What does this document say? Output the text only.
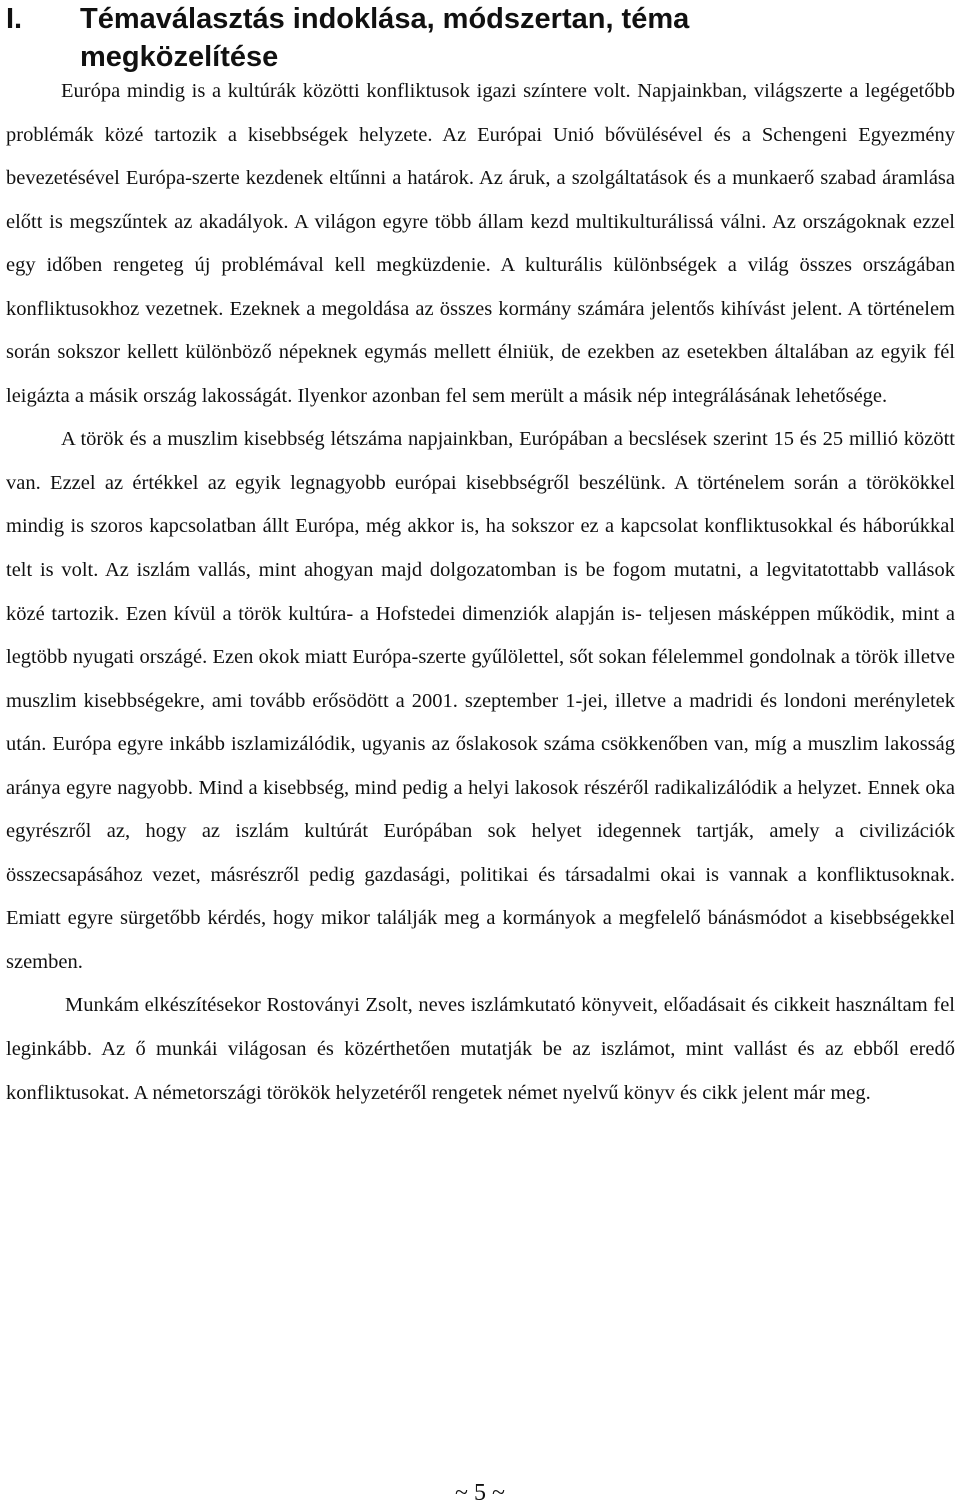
I. Témaválasztás indoklása, módszertan, téma
megközelítése

Európa mindig is a kultúrák közötti konfliktusok igazi színtere volt. Napjainkban, világszerte a legégetőbb problémák közé tartozik a kisebbségek helyzete. Az Európai Unió bővülésével és a Schengeni Egyezmény bevezetésével Európa-szerte kezdenek eltűnni a határok. Az áruk, a szolgáltatások és a munkaerő szabad áramlása előtt is megszűntek az akadályok. A világon egyre több állam kezd multikulturálissá válni. Az országoknak ezzel egy időben rengeteg új problémával kell megküzdenie. A kulturális különbségek a világ összes országában konfliktusokhoz vezetnek. Ezeknek a megoldása az összes kormány számára jelentős kihívást jelent. A történelem során sokszor kellett különböző népeknek egymás mellett élniük, de ezekben az esetekben általában az egyik fél leigázta a másik ország lakosságát. Ilyenkor azonban fel sem merült a másik nép integrálásának lehetősége.

A török és a muszlim kisebbség létszáma napjainkban, Európában a becslések szerint 15 és 25 millió között van. Ezzel az értékkel az egyik legnagyobb európai kisebbségről beszélünk. A történelem során a törökökkel mindig is szoros kapcsolatban állt Európa, még akkor is, ha sokszor ez a kapcsolat konfliktusokkal és háborúkkal telt is volt. Az iszlám vallás, mint ahogyan majd dolgozatomban is be fogom mutatni, a legvitatottabb vallások közé tartozik. Ezen kívül a török kultúra- a Hofstedei dimenziók alapján is- teljesen másképpen működik, mint a legtöbb nyugati országé. Ezen okok miatt Európa-szerte gyűlölettel, sőt sokan félelemmel gondolnak a török illetve muszlim kisebbségekre, ami tovább erősödött a 2001. szeptember 1-jei, illetve a madridi és londoni merényletek után. Európa egyre inkább iszlamizálódik, ugyanis az őslakosok száma csökkenőben van, míg a muszlim lakosság aránya egyre nagyobb. Mind a kisebbség, mind pedig a helyi lakosok részéről radikalizálódik a helyzet. Ennek oka egyrészről az, hogy az iszlám kultúrát Európában sok helyet idegennek tartják, amely a civilizációk összecsapásához vezet, másrészről pedig gazdasági, politikai és társadalmi okai is vannak a konfliktusoknak. Emiatt egyre sürgetőbb kérdés, hogy mikor találják meg a kormányok a megfelelő bánásmódot a kisebbségekkel szemben.

Munkám elkészítésekor Rostoványi Zsolt, neves iszlámkutató könyveit, előadásait és cikkeit használtam fel leginkább. Az ő munkái világosan és közérthetően mutatják be az iszlámot, mint vallást és az ebből eredő konfliktusokat. A németországi törökök helyzetéről rengetek német nyelvű könyv és cikk jelent már meg.

~ 5 ~
